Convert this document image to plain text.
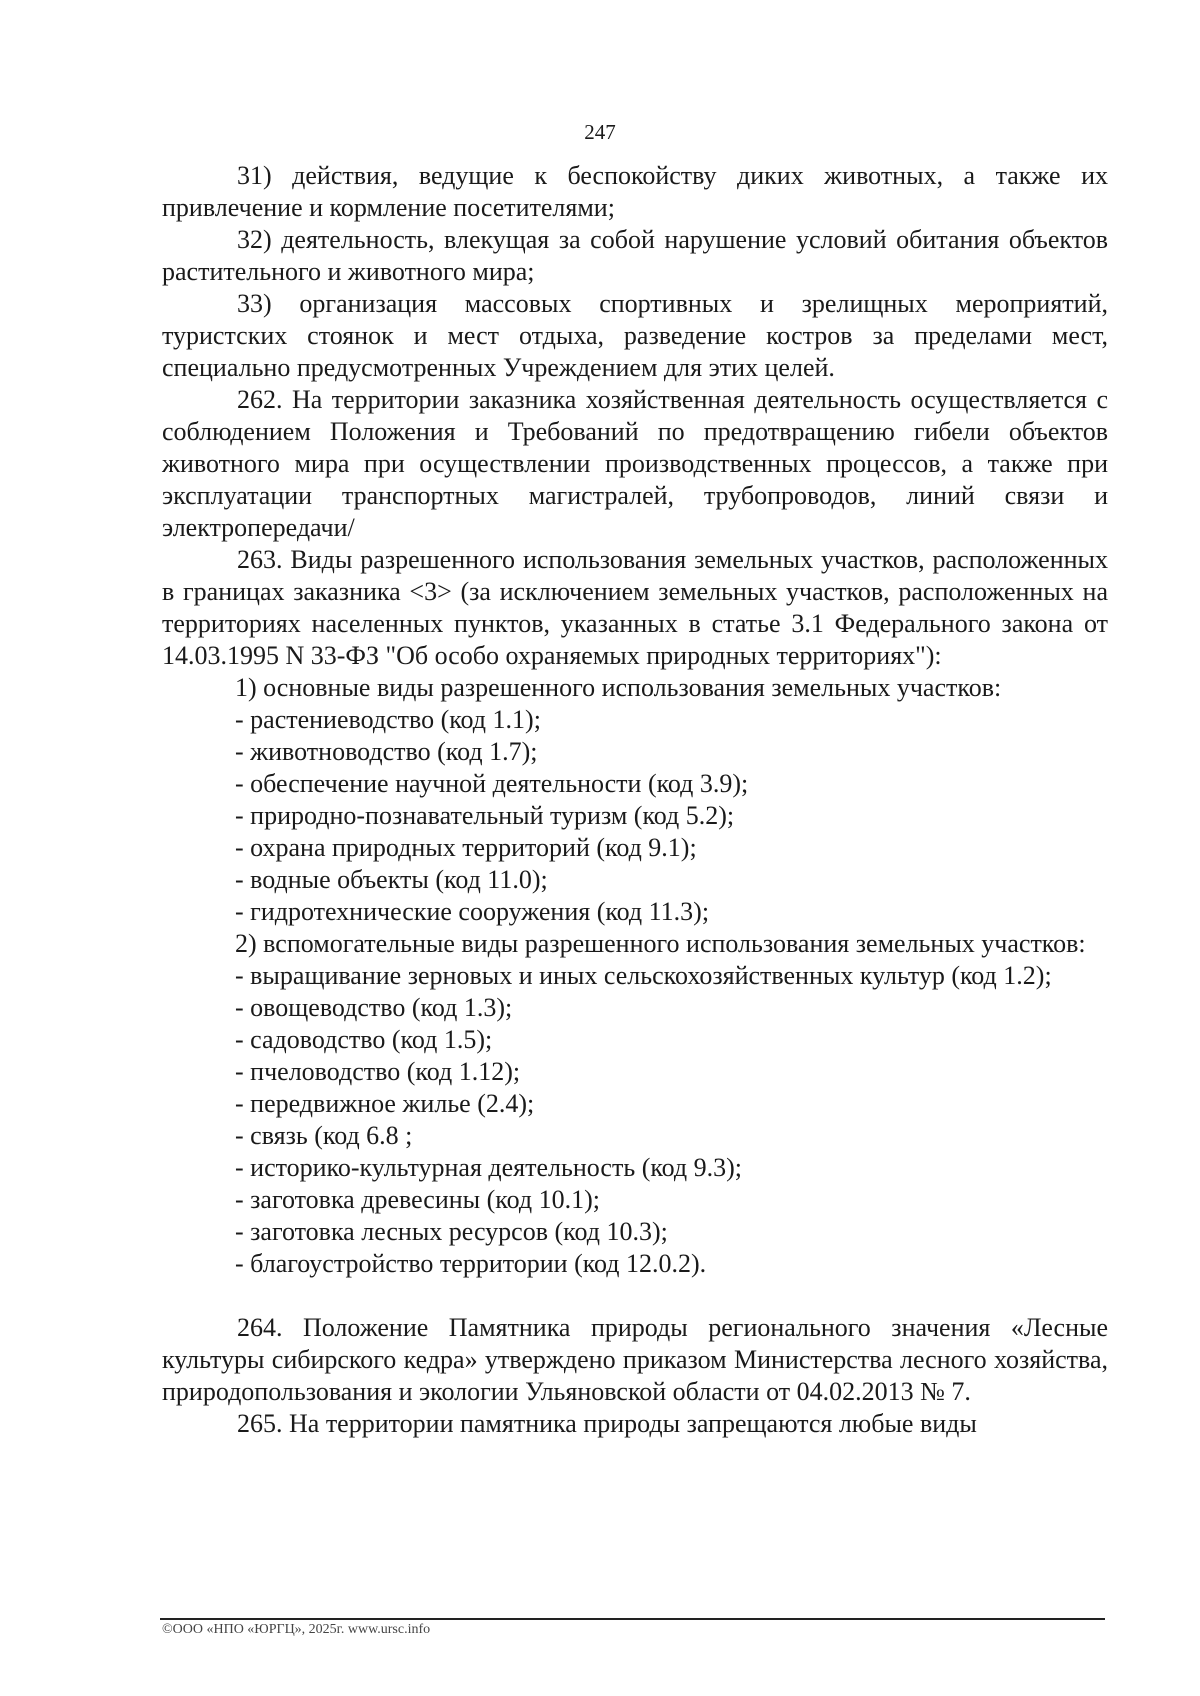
247

31) действия, ведущие к беспокойству диких животных, а также их привлечение и кормление посетителями;

32) деятельность, влекущая за собой нарушение условий обитания объектов растительного и животного мира;

33) организация массовых спортивных и зрелищных мероприятий, туристских стоянок и мест отдыха, разведение костров за пределами мест, специально предусмотренных Учреждением для этих целей.

262. На территории заказника хозяйственная деятельность осуществляется с соблюдением Положения и Требований по предотвращению гибели объектов животного мира при осуществлении производственных процессов, а также при эксплуатации транспортных магистралей, трубопроводов, линий связи и электропередачи/

263. Виды разрешенного использования земельных участков, расположенных в границах заказника <3> (за исключением земельных участков, расположенных на территориях населенных пунктов, указанных в статье 3.1 Федерального закона от 14.03.1995 N 33-ФЗ "Об особо охраняемых природных территориях"):

1) основные виды разрешенного использования земельных участков:

- растениеводство (код 1.1);

- животноводство (код 1.7);

- обеспечение научной деятельности (код 3.9);

- природно-познавательный туризм (код 5.2);

- охрана природных территорий (код 9.1);

- водные объекты (код 11.0);

- гидротехнические сооружения (код 11.3);

2) вспомогательные виды разрешенного использования земельных участков:

- выращивание зерновых и иных сельскохозяйственных культур (код 1.2);

- овощеводство (код 1.3);

- садоводство (код 1.5);

- пчеловодство (код 1.12);

- передвижное жилье (2.4);

- связь (код 6.8 ;

- историко-культурная деятельность (код 9.3);

- заготовка древесины (код 10.1);

- заготовка лесных ресурсов (код 10.3);

- благоустройство территории (код 12.0.2).

264. Положение Памятника природы регионального значения «Лесные культуры сибирского кедра» утверждено приказом Министерства лесного хозяйства, природопользования и экологии Ульяновской области от 04.02.2013 № 7.

265. На территории памятника природы запрещаются любые виды

©ООО «НПО «ЮРГЦ», 2025г. www.ursc.info
